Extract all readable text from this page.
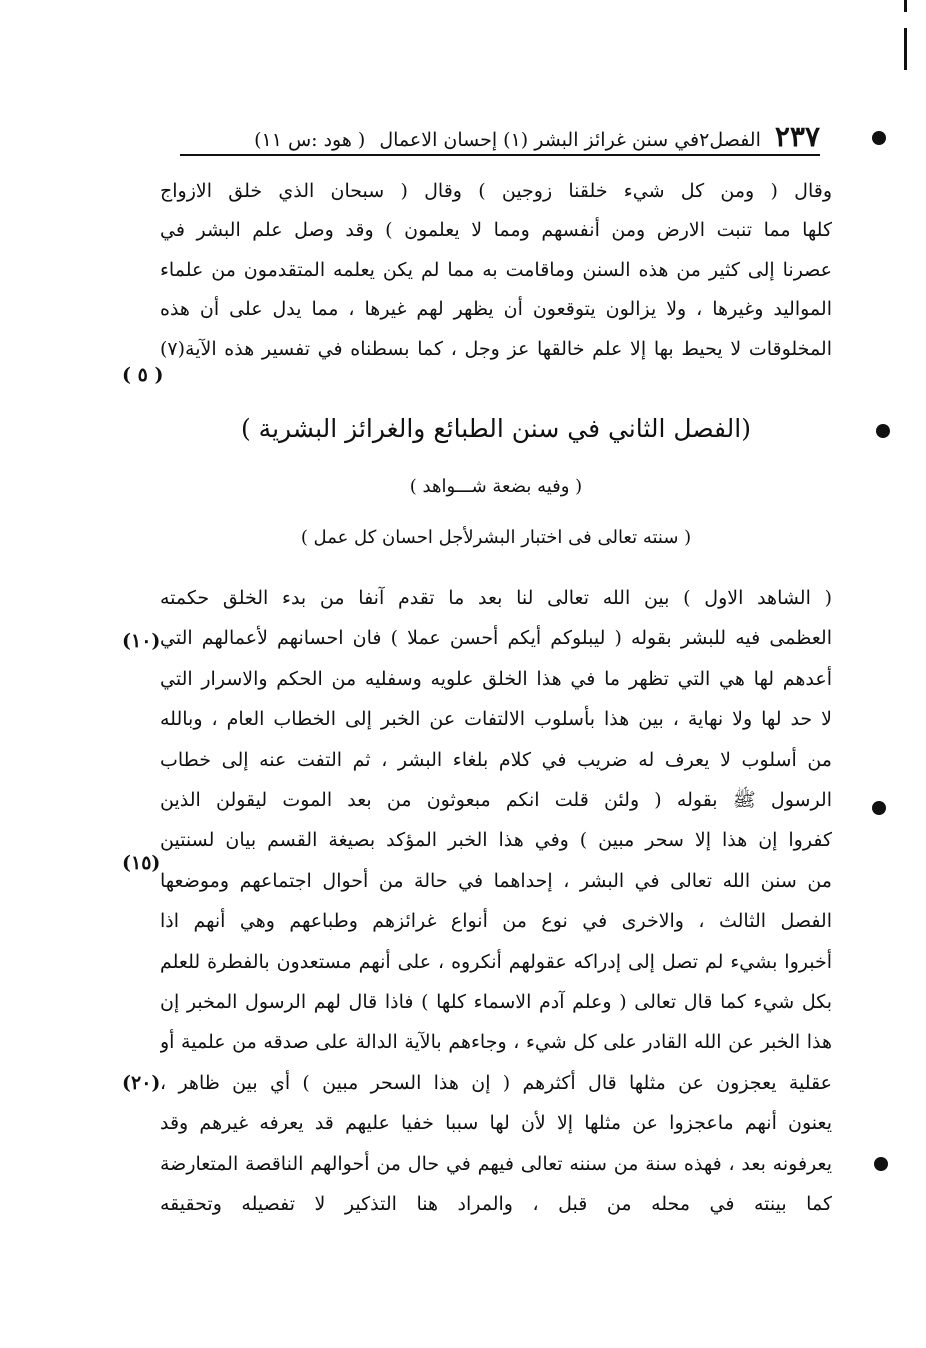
٢٣٧
الفصل٢في سنن غرائز البشر (١) إحسان الاعمال
( هود :س ١١)
وقال ( ومن كل شيء خلقنا زوجين ) وقال ( سبحان الذي خلق الازواج
كلها مما تنبت الارض ومن أنفسهم ومما لا يعلمون ) وقد وصل علم البشر في
عصرنا إلى كثير من هذه السنن وماقامت به مما لم يكن يعلمه المتقدمون من علماء
المواليد وغيرها ، ولا يزالون يتوقعون أن يظهر لهم غيرها ، مما يدل على أن هذه
المخلوقات لا يحيط بها إلا علم خالقها عز وجل ، كما بسطناه في تفسير هذه الآية(٧)
( ٥ )
(الفصل الثاني في سنن الطبائع والغرائز البشرية )
( وفيه بضعة شـــواهد )
( سنته تعالى فى اختبار البشرلأجل احسان كل عمل )
( الشاهد الاول ) بين الله تعالى لنا بعد ما تقدم آنفا من بدء الخلق حكمته
العظمى فيه للبشر بقوله ( ليبلوكم أيكم أحسن عملا ) فان احسانهم لأعمالهم التي
أعدهم لها هي التي تظهر ما في هذا الخلق علويه وسفليه من الحكم والاسرار التي
لا حد لها ولا نهاية ، بين هذا بأسلوب الالتفات عن الخبر إلى الخطاب العام ، وبالله
من أسلوب لا يعرف له ضريب في كلام بلغاء البشر ، ثم التفت عنه إلى خطاب
الرسول ﷺ بقوله ( ولئن قلت انكم مبعوثون من بعد الموت ليقولن الذين
كفروا إن هذا إلا سحر مبين ) وفي هذا الخبر المؤكد بصيغة القسم بيان لسنتين
من سنن الله تعالى في البشر ، إحداهما في حالة من أحوال اجتماعهم وموضعها
الفصل الثالث ، والاخرى في نوع من أنواع غرائزهم وطباعهم وهي أنهم اذا
أخبروا بشيء لم تصل إلى إدراكه عقولهم أنكروه ، على أنهم مستعدون بالفطرة للعلم
بكل شيء كما قال تعالى ( وعلم آدم الاسماء كلها ) فاذا قال لهم الرسول المخبر إن
هذا الخبر عن الله القادر على كل شيء ، وجاءهم بالآية الدالة على صدقه من علمية أو
عقلية يعجزون عن مثلها قال أكثرهم ( إن هذا السحر مبين ) أي بين ظاهر ،
يعنون أنهم ماعجزوا عن مثلها إلا لأن لها سببا خفيا عليهم قد يعرفه غيرهم وقد
يعرفونه بعد ، فهذه سنة من سننه تعالى فيهم في حال من أحوالهم الناقصة المتعارضة
كما بينته في محله من قبل ، والمراد هنا التذكير لا تفصيله وتحقيقه
(١٠)
(١٥)
(٢٠)
